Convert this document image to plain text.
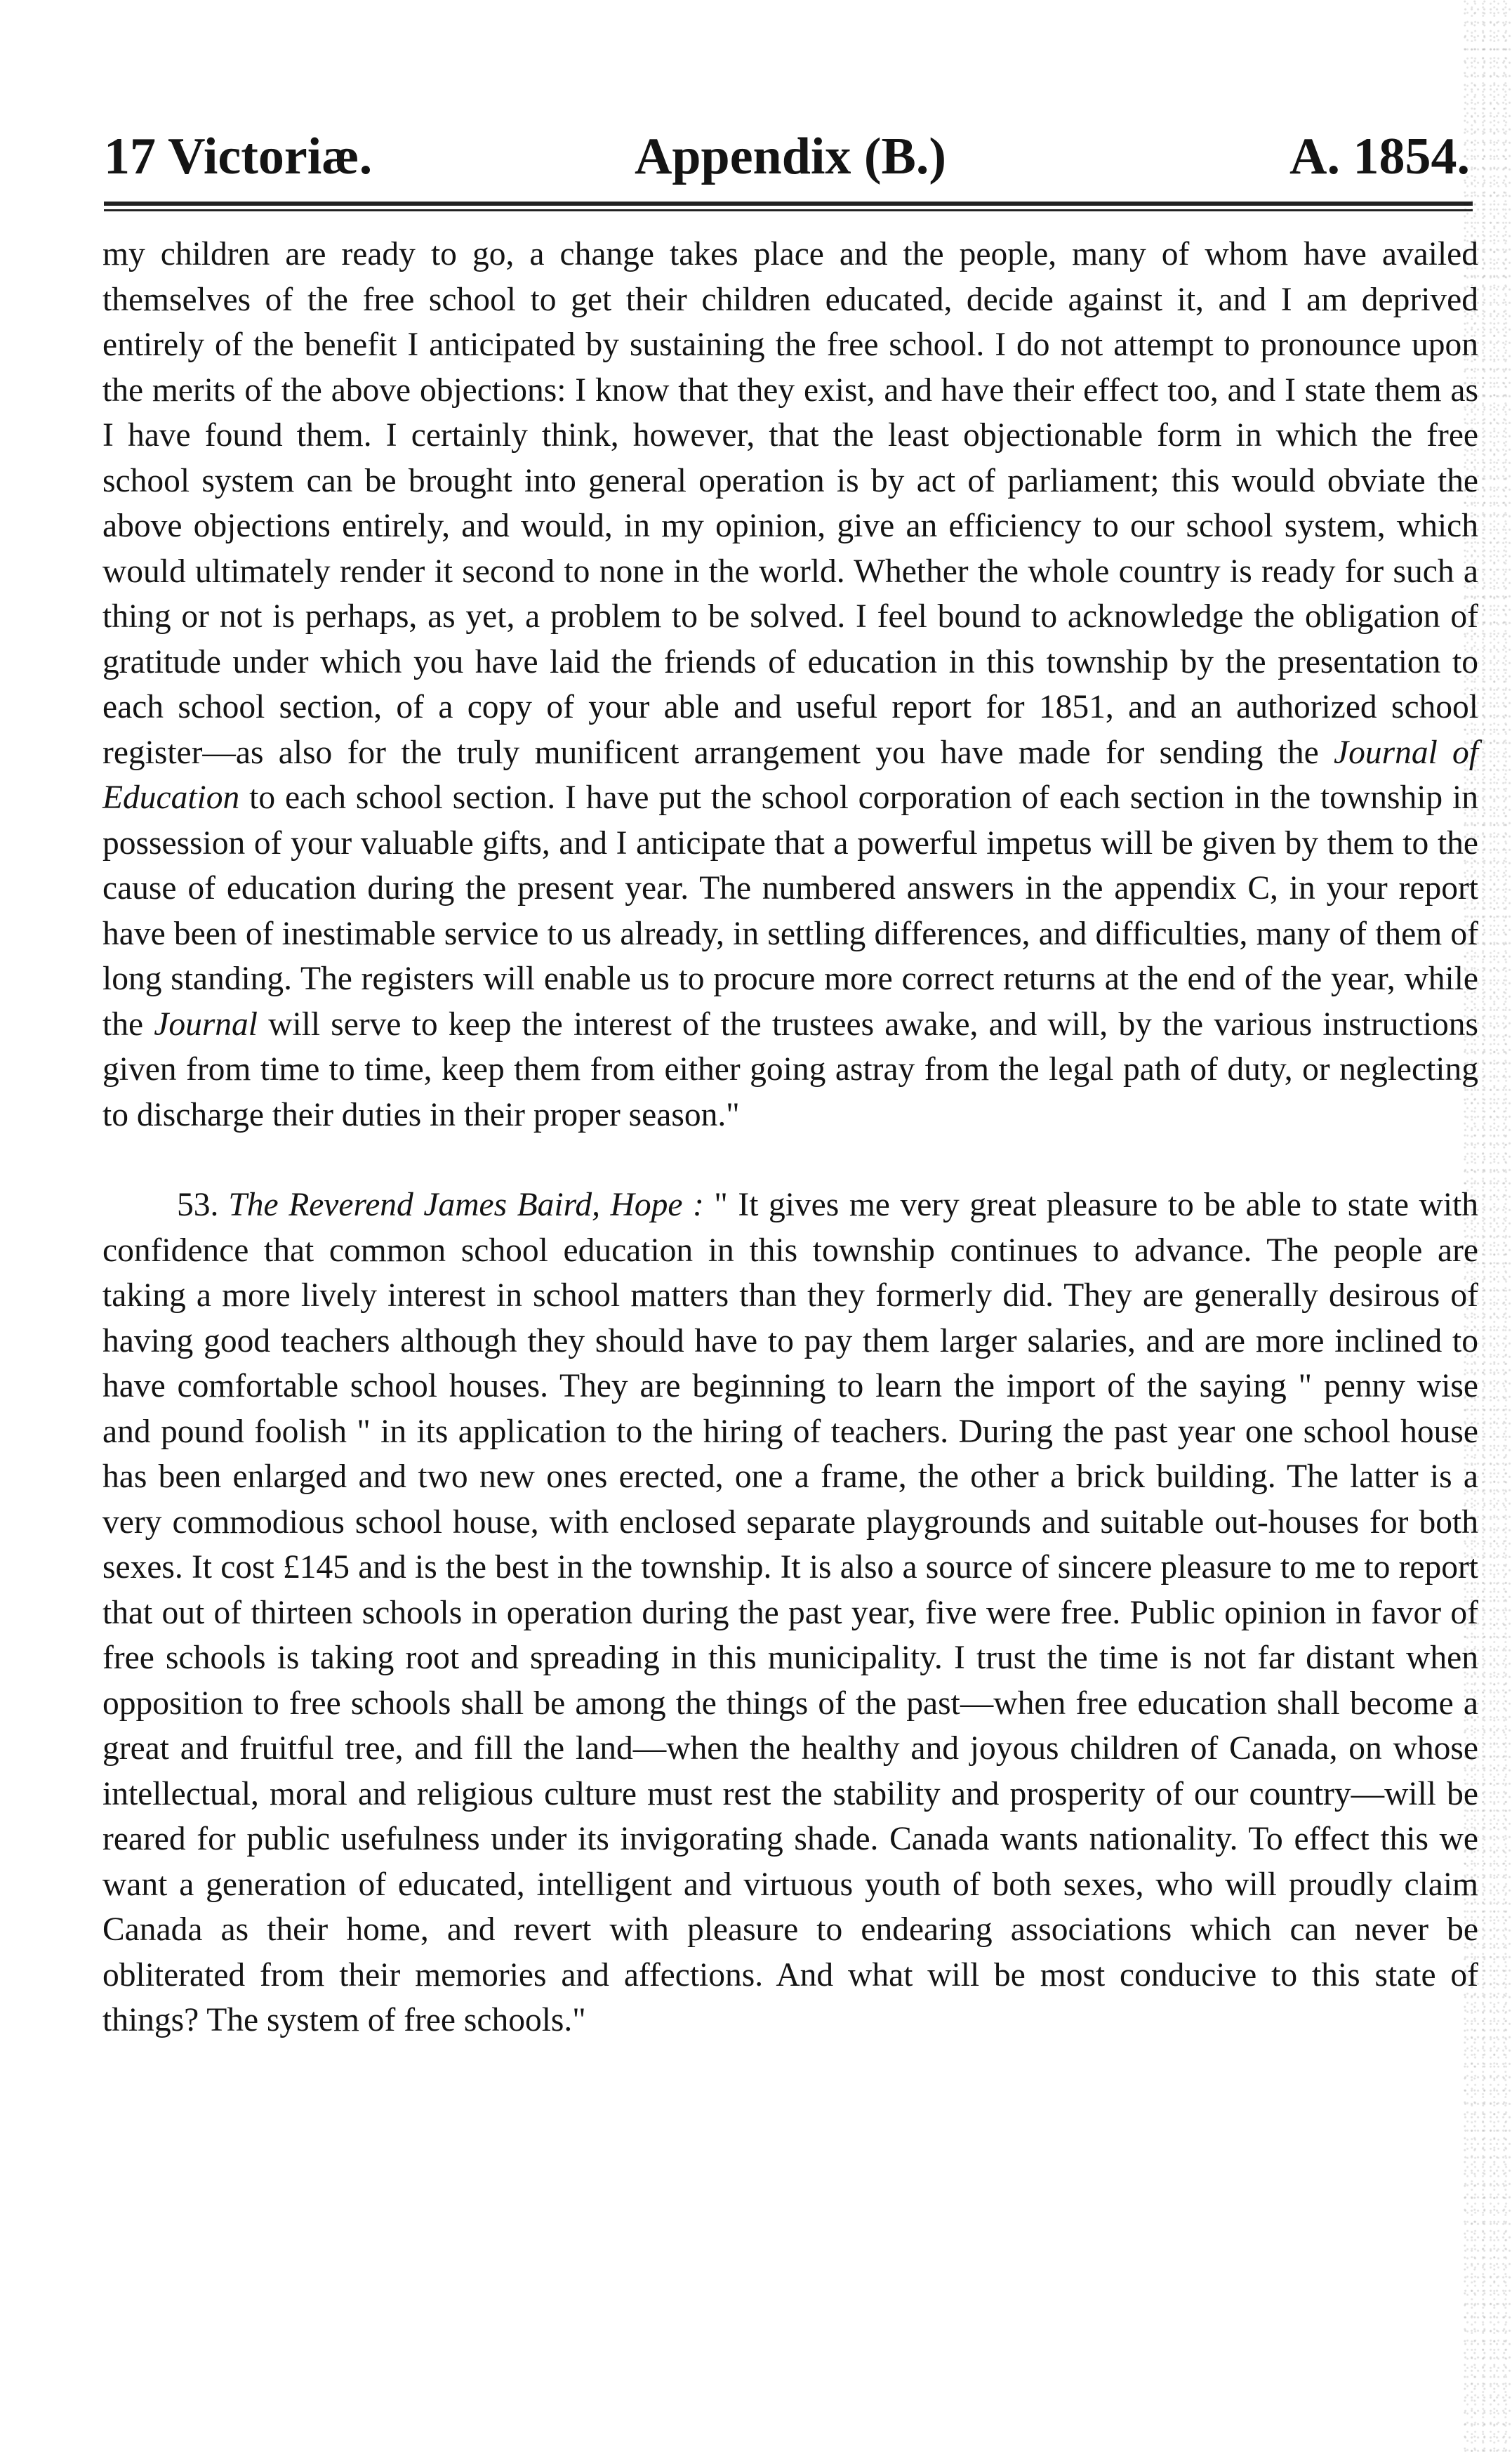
Appendix (B.)
17 Victoriæ.	A. 1854.

my children are ready to go, a change takes place and the people, many of whom have availed themselves of the free school to get their children educated, decide against it, and I am deprived entirely of the benefit I anticipated by sustaining the free school. I do not attempt to pronounce upon the merits of the above objections: I know that they exist, and have their effect too, and I state them as I have found them. I certainly think, however, that the least objectionable form in which the free school system can be brought into general operation is by act of parliament; this would obviate the above objections entirely, and would, in my opinion, give an efficiency to our school system, which would ultimately render it second to none in the world. Whether the whole country is ready for such a thing or not is perhaps, as yet, a problem to be solved. I feel bound to acknowledge the obligation of gratitude under which you have laid the friends of education in this township by the presentation to each school section, of a copy of your able and useful report for 1851, and an authorized school register—as also for the truly munificent arrangement you have made for sending the Journal of Education to each school section. I have put the school corporation of each section in the township in possession of your valuable gifts, and I anticipate that a powerful impetus will be given by them to the cause of education during the present year. The numbered answers in the appendix C, in your report have been of inestimable service to us already, in settling differences, and difficulties, many of them of long standing. The registers will enable us to procure more correct returns at the end of the year, while the Journal will serve to keep the interest of the trustees awake, and will, by the various instructions given from time to time, keep them from either going astray from the legal path of duty, or neglecting to discharge their duties in their proper season."

53. The Reverend James Baird, Hope : " It gives me very great pleasure to be able to state with confidence that common school education in this township continues to advance. The people are taking a more lively interest in school matters than they formerly did. They are generally desirous of having good teachers although they should have to pay them larger salaries, and are more inclined to have comfortable school houses. They are beginning to learn the import of the saying " penny wise and pound foolish " in its application to the hiring of teachers. During the past year one school house has been enlarged and two new ones erected, one a frame, the other a brick building. The latter is a very commodious school house, with enclosed separate playgrounds and suitable out-houses for both sexes. It cost £145 and is the best in the township. It is also a source of sincere pleasure to me to report that out of thirteen schools in operation during the past year, five were free. Public opinion in favor of free schools is taking root and spreading in this municipality. I trust the time is not far distant when opposition to free schools shall be among the things of the past—when free education shall become a great and fruitful tree, and fill the land—when the healthy and joyous children of Canada, on whose intellectual, moral and religious culture must rest the stability and prosperity of our country—will be reared for public usefulness under its invigorating shade. Canada wants nationality. To effect this we want a generation of educated, intelligent and virtuous youth of both sexes, who will proudly claim Canada as their home, and revert with pleasure to endearing associations which can never be obliterated from their memories and affections. And what will be most conducive to this state of things? The system of free schools."
